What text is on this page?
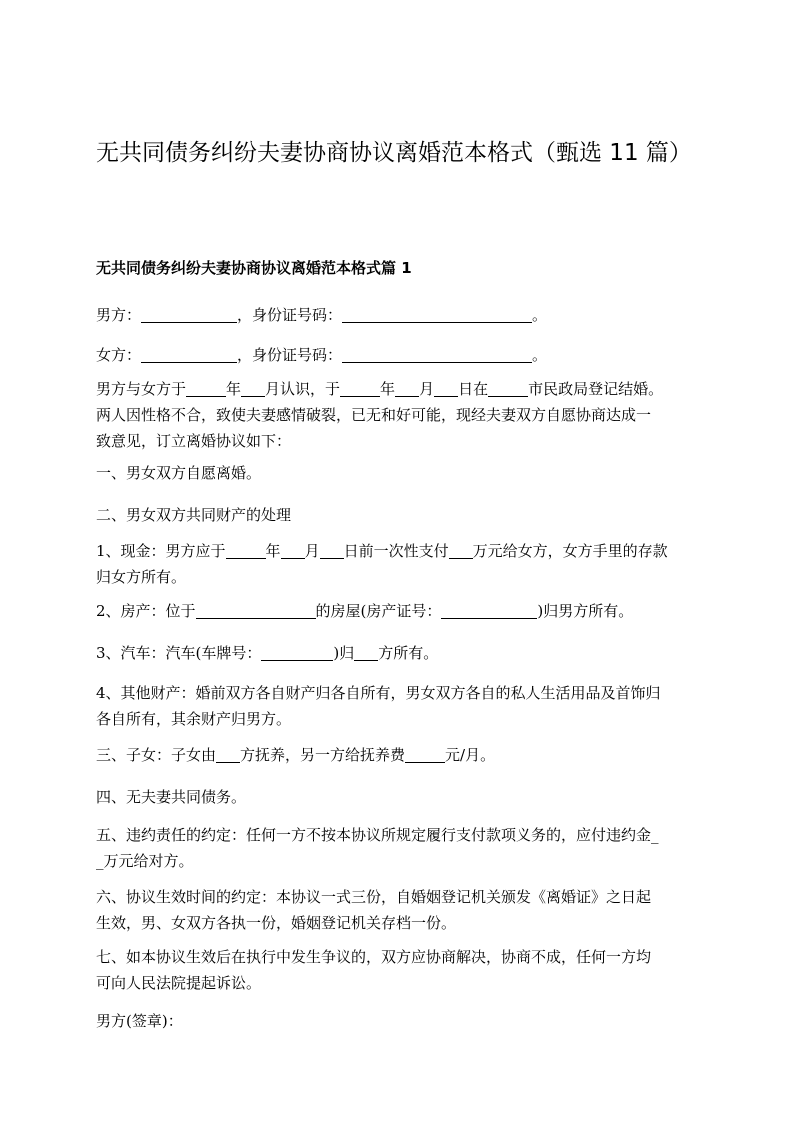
无共同债务纠纷夫妻协商协议离婚范本格式（甄选 11 篇）
无共同债务纠纷夫妻协商协议离婚范本格式篇 1
男方：	，身份证号码：	。
女方：	，身份证号码：	。
男方与女方于	年 月认识，于	年 月 日在	市民政局登记结婚。
两人因性格不合，致使夫妻感情破裂，已无和好可能，现经夫妻双方自愿协商达成一
致意见，订立离婚协议如下：
一、男女双方自愿离婚。
二、男女双方共同财产的处理
1、现金：男方应于	年 月 日前一次性支付 万元给女方，女方手里的存款
归女方所有。
2、房产：位于	的房屋(房产证号：	)归男方所有。
3、汽车：汽车(车牌号：	)归 方所有。
4、其他财产：婚前双方各自财产归各自所有，男女双方各自的私人生活用品及首饰归
各自所有，其余财产归男方。
三、子女：子女由 方抚养，另一方给抚养费	元/月。
四、无夫妻共同债务。
五、违约责任的约定：任何一方不按本协议所规定履行支付款项义务的，应付违约金_
_万元给对方。
六、协议生效时间的约定：本协议一式三份，自婚姻登记机关颁发《离婚证》之日起
生效，男、女双方各执一份，婚姻登记机关存档一份。
七、如本协议生效后在执行中发生争议的，双方应协商解决，协商不成，任何一方均
可向人民法院提起诉讼。
男方(签章)：
